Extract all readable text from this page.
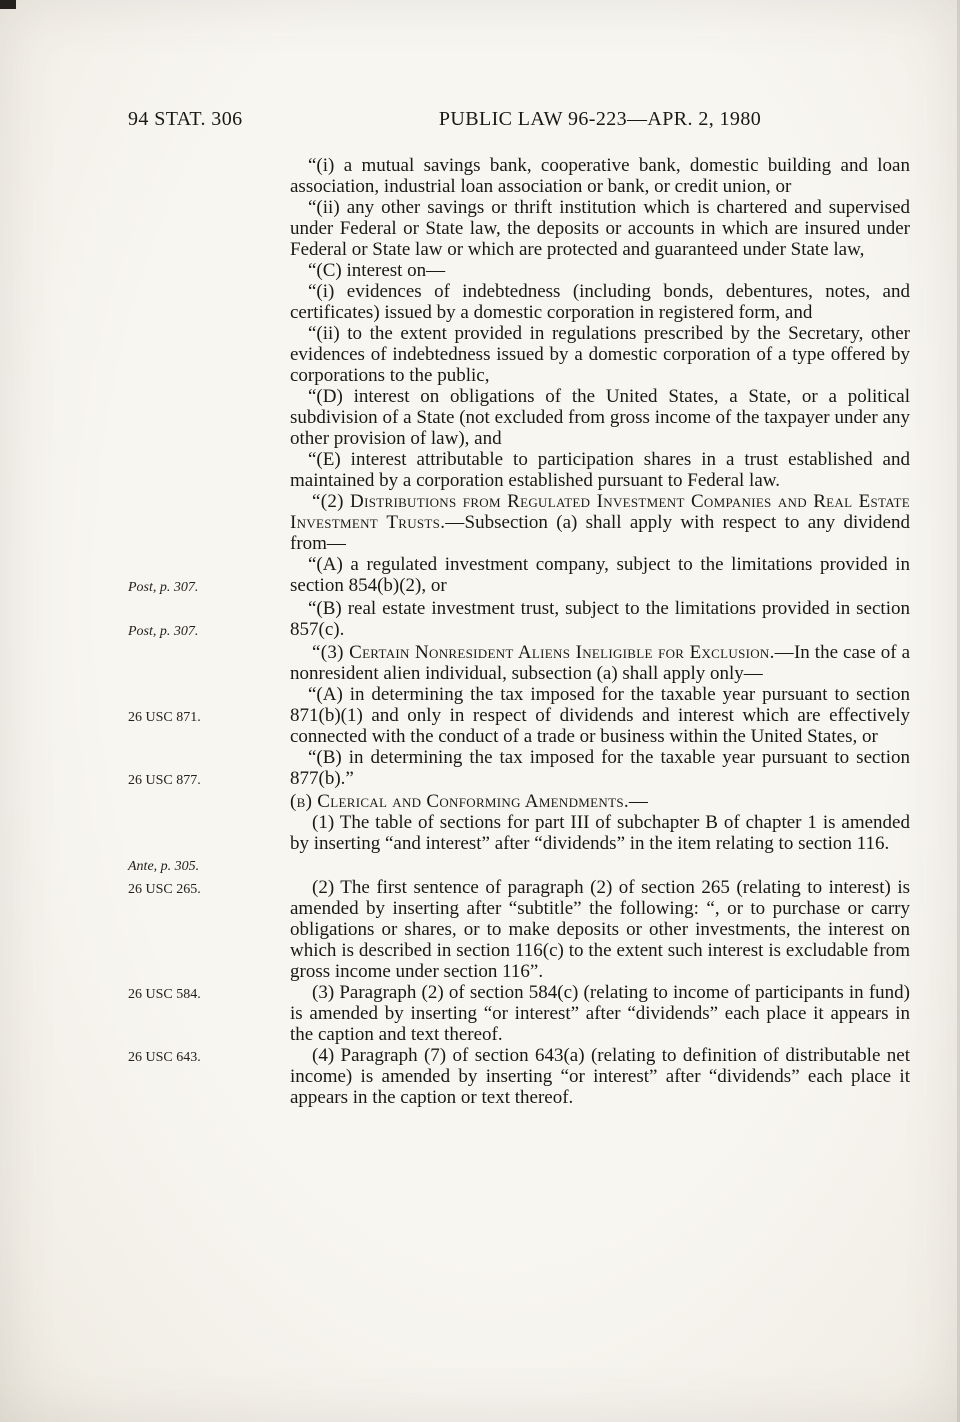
94 STAT. 306	PUBLIC LAW 96-223—APR. 2, 1980

“(i) a mutual savings bank, cooperative bank, domestic building and loan association, industrial loan association or bank, or credit union, or

“(ii) any other savings or thrift institution which is chartered and supervised under Federal or State law, the deposits or accounts in which are insured under Federal or State law or which are protected and guaranteed under State law,

“(C) interest on—

“(i) evidences of indebtedness (including bonds, debentures, notes, and certificates) issued by a domestic corporation in registered form, and

“(ii) to the extent provided in regulations prescribed by the Secretary, other evidences of indebtedness issued by a domestic corporation of a type offered by corporations to the public,

“(D) interest on obligations of the United States, a State, or a political subdivision of a State (not excluded from gross income of the taxpayer under any other provision of law), and

“(E) interest attributable to participation shares in a trust established and maintained by a corporation established pursuant to Federal law.

“(2) Distributions from Regulated Investment Companies and Real Estate Investment Trusts.—Subsection (a) shall apply with respect to any dividend from—

Post, p. 307.

“(A) a regulated investment company, subject to the limitations provided in section 854(b)(2), or

Post, p. 307.

“(B) real estate investment trust, subject to the limitations provided in section 857(c).

“(3) Certain Nonresident Aliens Ineligible for Exclusion.—In the case of a nonresident alien individual, subsection (a) shall apply only—

26 USC 871.

“(A) in determining the tax imposed for the taxable year pursuant to section 871(b)(1) and only in respect of dividends and interest which are effectively connected with the conduct of a trade or business within the United States, or

26 USC 877.

“(B) in determining the tax imposed for the taxable year pursuant to section 877(b).”

(b) Clerical and Conforming Amendments.—

Ante, p. 305.

(1) The table of sections for part III of subchapter B of chapter 1 is amended by inserting “and interest” after “dividends” in the item relating to section 116.

26 USC 265.	(2) The first sentence of paragraph (2) of section 265 (relating to interest) is amended by inserting after “subtitle” the following: “, or to purchase or carry obligations or shares, or to make deposits or other investments, the interest on which is described in section 116(c) to the extent such interest is excludable from gross income under section 116”.

26 USC 584.	(3) Paragraph (2) of section 584(c) (relating to income of participants in fund) is amended by inserting “or interest” after “dividends” each place it appears in the caption and text thereof.

26 USC 643.	(4) Paragraph (7) of section 643(a) (relating to definition of distributable net income) is amended by inserting “or interest” after “dividends” each place it appears in the caption or text thereof.
